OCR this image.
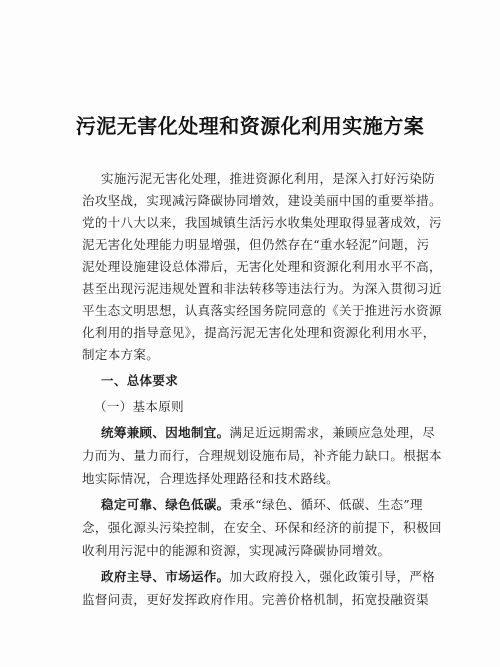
污泥无害化处理和资源化利用实施方案
实施污泥无害化处理，推进资源化利用，是深入打好污染防
治攻坚战，实现减污降碳协同增效，建设美丽中国的重要举措。
党的十八大以来，我国城镇生活污水收集处理取得显著成效，污
泥无害化处理能力明显增强，但仍然存在“重水轻泥”问题，污
泥处理设施建设总体滞后，无害化处理和资源化利用水平不高，
甚至出现污泥违规处置和非法转移等违法行为。为深入贯彻习近
平生态文明思想，认真落实经国务院同意的《关于推进污水资源
化利用的指导意见》，提高污泥无害化处理和资源化利用水平，
制定本方案。
一、总体要求
（一）基本原则
统筹兼顾、因地制宜。满足近远期需求，兼顾应急处理，尽
力而为、量力而行，合理规划设施布局，补齐能力缺口。根据本
地实际情况，合理选择处理路径和技术路线。
稳定可靠、绿色低碳。秉承“绿色、循环、低碳、生态”理
念，强化源头污染控制，在安全、环保和经济的前提下，积极回
收利用污泥中的能源和资源，实现减污降碳协同增效。
政府主导、市场运作。加大政府投入，强化政策引导，严格
监督问责，更好发挥政府作用。完善价格机制，拓宽投融资渠
